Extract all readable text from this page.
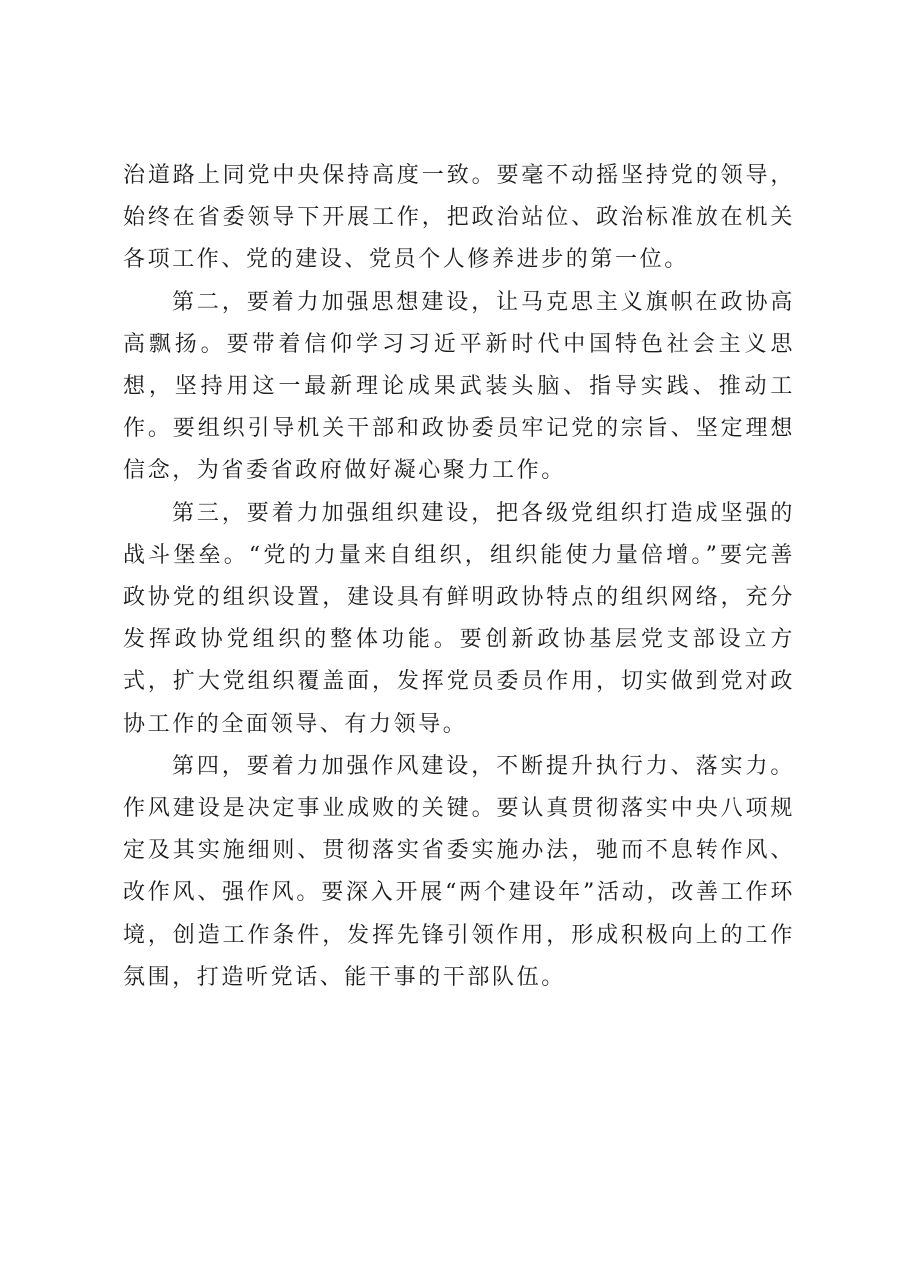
治道路上同党中央保持高度一致。要毫不动摇坚持党的领导，始终在省委领导下开展工作，把政治站位、政治标准放在机关各项工作、党的建设、党员个人修养进步的第一位。

第二，要着力加强思想建设，让马克思主义旗帜在政协高高飘扬。要带着信仰学习习近平新时代中国特色社会主义思想，坚持用这一最新理论成果武装头脑、指导实践、推动工作。要组织引导机关干部和政协委员牢记党的宗旨、坚定理想信念，为省委省政府做好凝心聚力工作。

第三，要着力加强组织建设，把各级党组织打造成坚强的战斗堡垒。“党的力量来自组织，组织能使力量倍增。”要完善政协党的组织设置，建设具有鲜明政协特点的组织网络，充分发挥政协党组织的整体功能。要创新政协基层党支部设立方式，扩大党组织覆盖面，发挥党员委员作用，切实做到党对政协工作的全面领导、有力领导。

第四，要着力加强作风建设，不断提升执行力、落实力。作风建设是决定事业成败的关键。要认真贯彻落实中央八项规定及其实施细则、贯彻落实省委实施办法，驰而不息转作风、改作风、强作风。要深入开展“两个建设年”活动，改善工作环境，创造工作条件，发挥先锋引领作用，形成积极向上的工作氛围，打造听党话、能干事的干部队伍。
